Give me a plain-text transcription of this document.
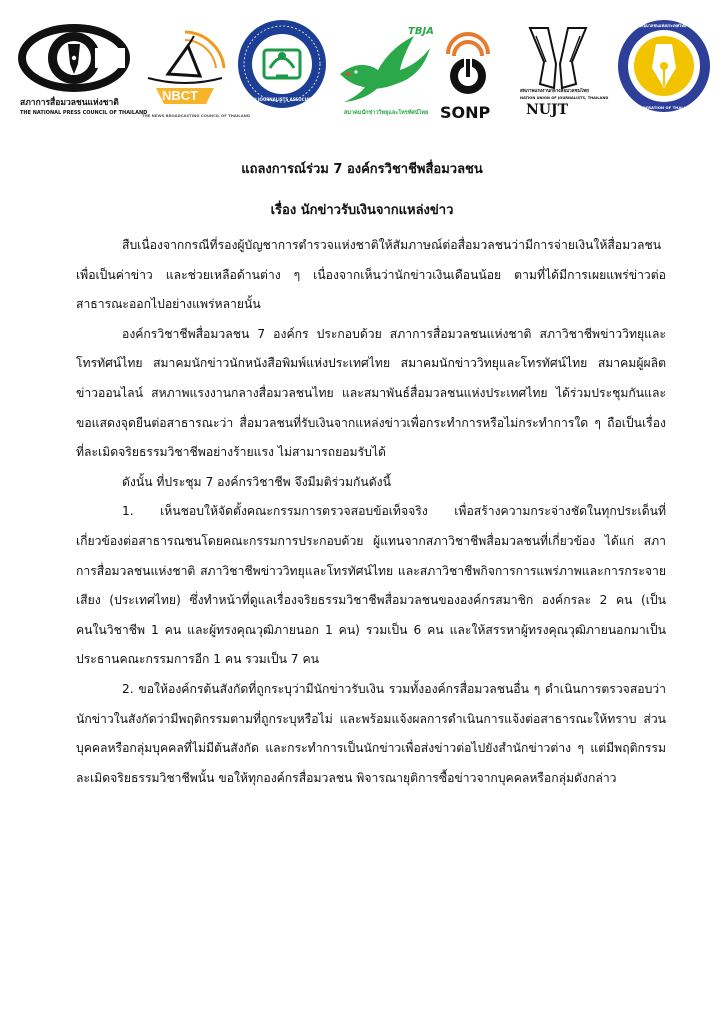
สภาการสื่อมวลชนแห่งชาติ
THE NATIONAL PRESS COUNCIL OF THAILAND
NBCT
THE NEWS BROADCASTING COUNCIL OF THAILAND
THAI JOURNALISTS ASSOCIATION
TBJA
สมาคมนักข่าววิทยุและโทรทัศน์ไทย SONP
สหภาพแรงงานกลางสื่อมวลชนไทย
NATION UNION OF JOURNALISTS, THAILAND
NUJT
สมาพันธ์สื่อมวลชนแห่งประเทศไทย
CONFEDERATION OF THAI JOURNALIST
แถลงการณ์ร่วม 7 องค์กรวิชาชีพสื่อมวลชน
เรื่อง นักข่าวรับเงินจากแหล่งข่าว

สืบเนื่องจากกรณีที่รองผู้บัญชาการตำรวจแห่งชาติให้สัมภาษณ์ต่อสื่อมวลชนว่ามีการจ่ายเงินให้สื่อมวลชน เพื่อเป็นค่าข่าว และช่วยเหลือด้านต่าง ๆ เนื่องจากเห็นว่านักข่าวเงินเดือนน้อย ตามที่ได้มีการเผยแพร่ข่าวต่อสาธารณะออกไปอย่างแพร่หลายนั้น

องค์กรวิชาชีพสื่อมวลชน 7 องค์กร ประกอบด้วย สภาการสื่อมวลชนแห่งชาติ สภาวิชาชีพข่าววิทยุและโทรทัศน์ไทย สมาคมนักข่าวนักหนังสือพิมพ์แห่งประเทศไทย สมาคมนักข่าววิทยุและโทรทัศน์ไทย สมาคมผู้ผลิตข่าวออนไลน์ สหภาพแรงงานกลางสื่อมวลชนไทย และสมาพันธ์สื่อมวลชนแห่งประเทศไทย ได้ร่วมประชุมกันและขอแสดงจุดยืนต่อสาธารณะว่า สื่อมวลชนที่รับเงินจากแหล่งข่าวเพื่อกระทำการหรือไม่กระทำการใด ๆ ถือเป็นเรื่องที่ละเมิดจริยธรรมวิชาชีพอย่างร้ายแรง ไม่สามารถยอมรับได้

ดังนั้น ที่ประชุม 7 องค์กรวิชาชีพ จึงมีมติร่วมกันดังนี้

1. เห็นชอบให้จัดตั้งคณะกรรมการตรวจสอบข้อเท็จจริง เพื่อสร้างความกระจ่างชัดในทุกประเด็นที่เกี่ยวข้องต่อสาธารณชนโดยคณะกรรมการประกอบด้วย ผู้แทนจากสภาวิชาชีพสื่อมวลชนที่เกี่ยวข้อง ได้แก่ สภาการสื่อมวลชนแห่งชาติ สภาวิชาชีพข่าววิทยุและโทรทัศน์ไทย และสภาวิชาชีพกิจการการแพร่ภาพและการกระจายเสียง (ประเทศไทย) ซึ่งทำหน้าที่ดูแลเรื่องจริยธรรมวิชาชีพสื่อมวลชนขององค์กรสมาชิก องค์กรละ 2 คน (เป็นคนในวิชาชีพ 1 คน และผู้ทรงคุณวุฒิภายนอก 1 คน) รวมเป็น 6 คน และให้สรรหาผู้ทรงคุณวุฒิภายนอกมาเป็นประธานคณะกรรมการอีก 1 คน รวมเป็น 7 คน

2. ขอให้องค์กรต้นสังกัดที่ถูกระบุว่ามีนักข่าวรับเงิน รวมทั้งองค์กรสื่อมวลชนอื่น ๆ ดำเนินการตรวจสอบว่านักข่าวในสังกัดว่ามีพฤติกรรมตามที่ถูกระบุหรือไม่ และพร้อมแจ้งผลการดำเนินการแจ้งต่อสาธารณะให้ทราบ ส่วนบุคคลหรือกลุ่มบุคคลที่ไม่มีต้นสังกัด และกระทำการเป็นนักข่าวเพื่อส่งข่าวต่อไปยังสำนักข่าวต่าง ๆ แต่มีพฤติกรรมละเมิดจริยธรรมวิชาชีพนั้น ขอให้ทุกองค์กรสื่อมวลชน พิจารณายุติการซื้อข่าวจากบุคคลหรือกลุ่มดังกล่าว
